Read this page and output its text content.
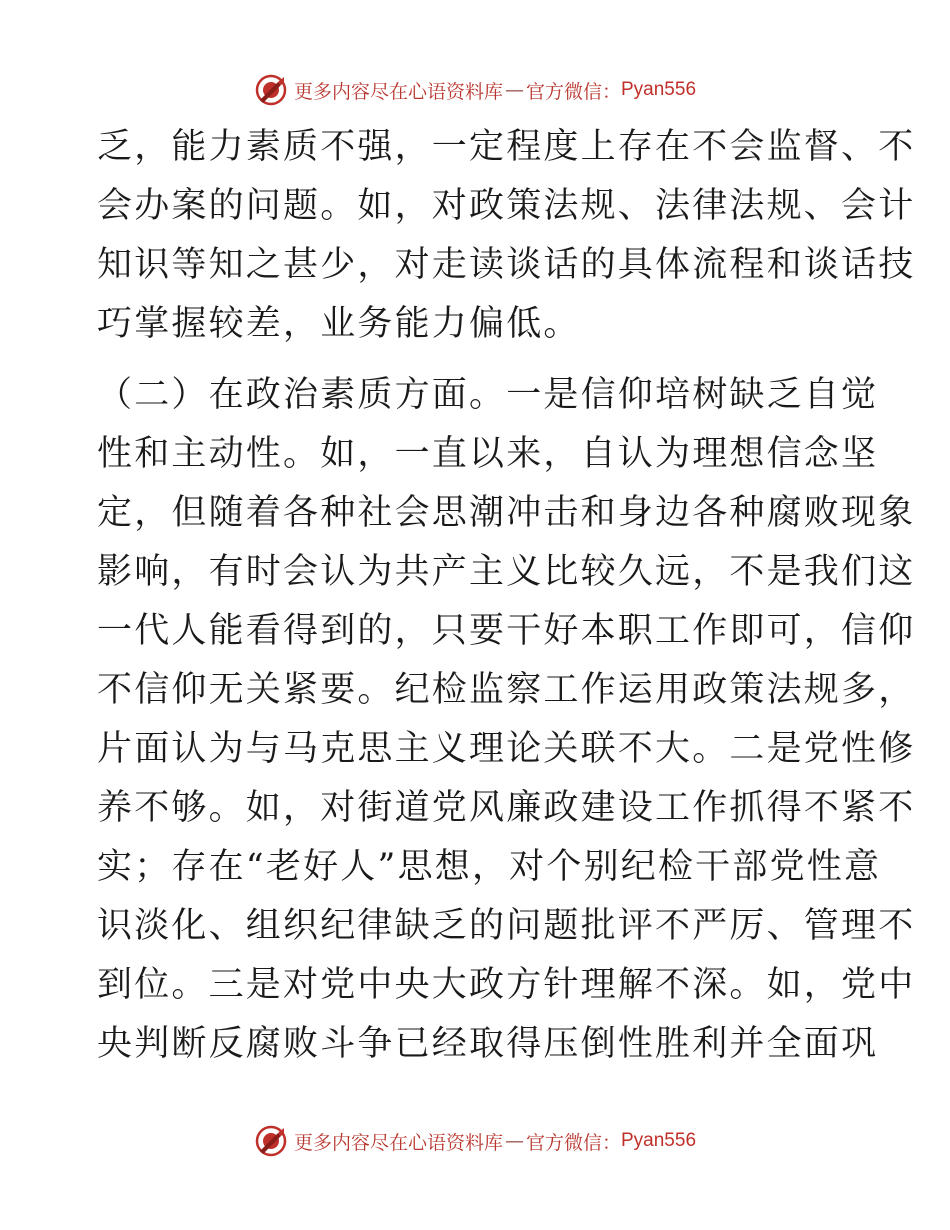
更多内容尽在心语资料库 — 官方微信： Pyan556
乏，能力素质不强，一定程度上存在不会监督、不
会办案的问题。如，对政策法规、法律法规、会计
知识等知之甚少，对走读谈话的具体流程和谈话技
巧掌握较差，业务能力偏低。
（二）在政治素质方面。一是信仰培树缺乏自觉
性和主动性。如，一直以来，自认为理想信念坚
定，但随着各种社会思潮冲击和身边各种腐败现象
影响，有时会认为共产主义比较久远，不是我们这
一代人能看得到的，只要干好本职工作即可，信仰
不信仰无关紧要。纪检监察工作运用政策法规多，
片面认为与马克思主义理论关联不大。二是党性修
养不够。如，对街道党风廉政建设工作抓得不紧不
实；存在“老好人”思想，对个别纪检干部党性意
识淡化、组织纪律缺乏的问题批评不严厉、管理不
到位。三是对党中央大政方针理解不深。如，党中
央判断反腐败斗争已经取得压倒性胜利并全面巩
更多内容尽在心语资料库 — 官方微信： Pyan556
